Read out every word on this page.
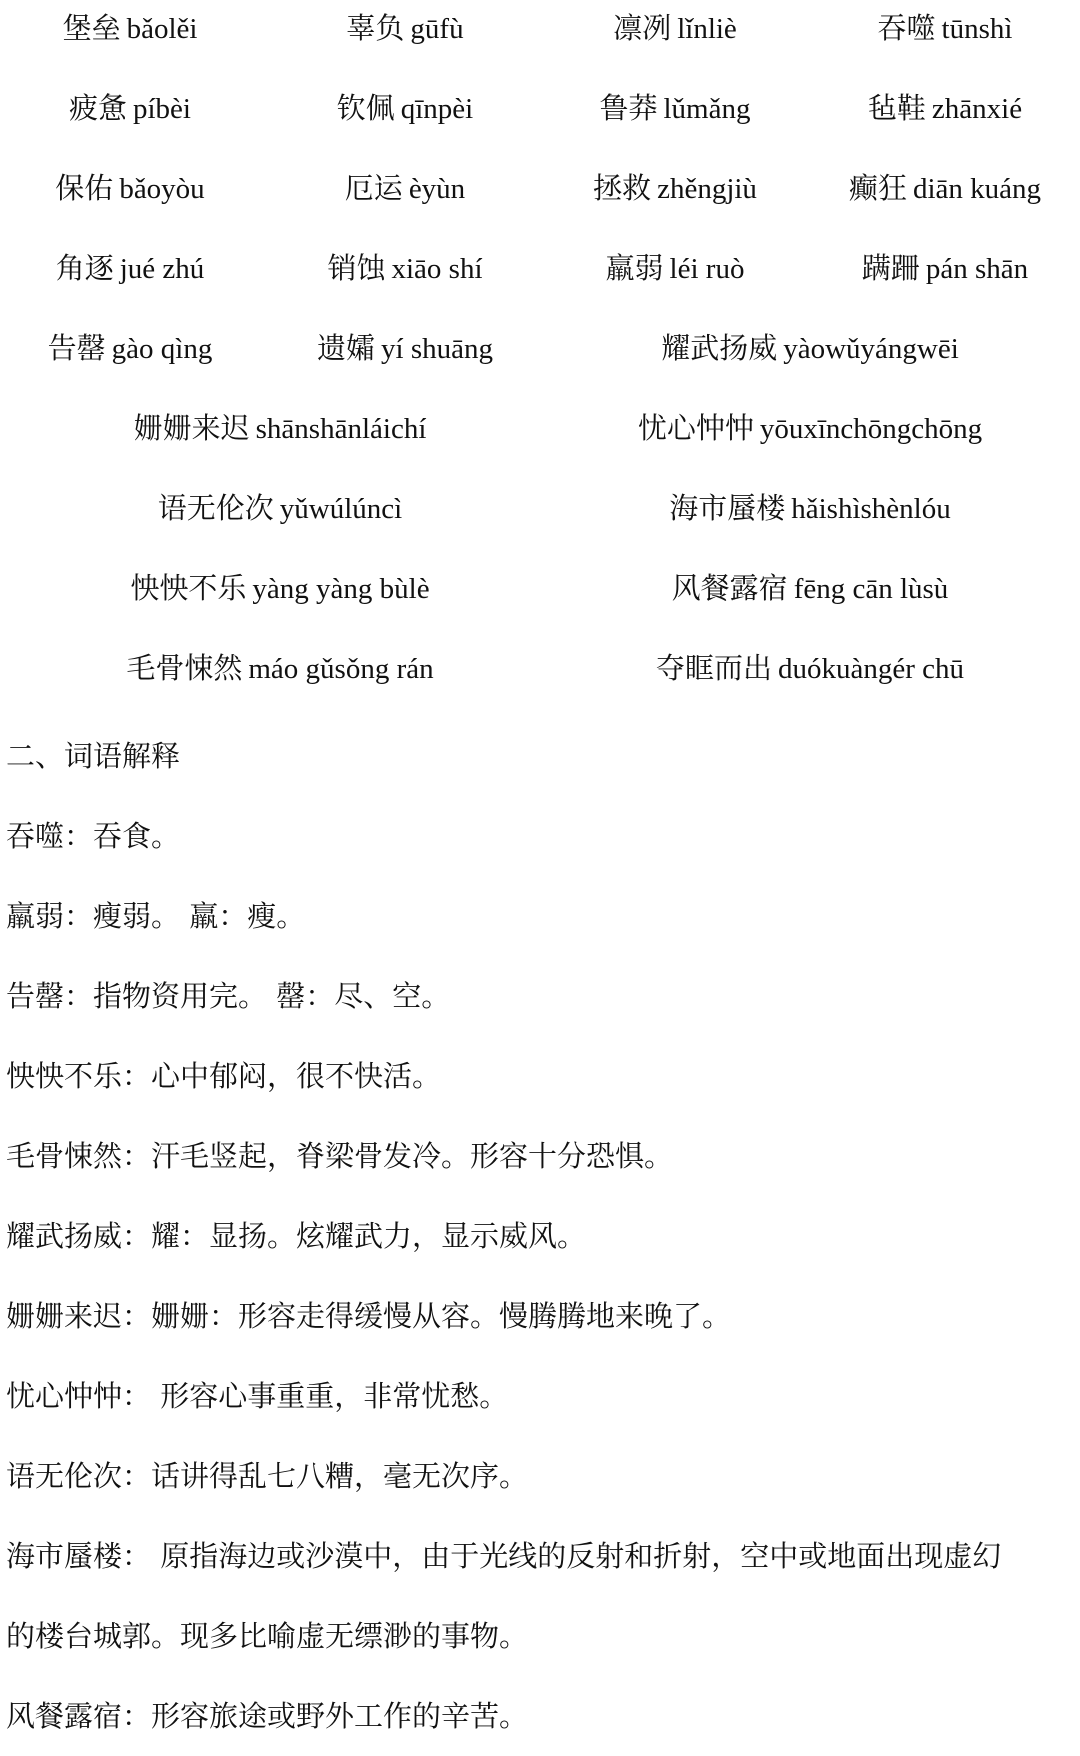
堡垒 bǎolěi	辜负 gūfù	凛冽 lǐnliè	吞噬 tūnshì
疲惫 píbèi	钦佩 qīnpèi	鲁莽 lǔmǎng	毡鞋 zhānxié
保佑 bǎoyòu	厄运 èyùn	拯救 zhěngjiù	癫狂 diān kuáng
角逐 jué zhú	销蚀 xiāo shí	羸弱 léi ruò	蹒跚 pán shān
告罄 gào qìng	遗孀 yí shuāng	耀武扬威 yàowǔyángwēi
姗姗来迟 shānshānláichí	忧心忡忡 yōuxīnchōngchōng
语无伦次 yǔwúlúncì	海市蜃楼 hǎishìshènlóu
怏怏不乐 yàng yàng bùlè	风餐露宿 fēng cān lùsù
毛骨悚然 máo gǔsǒng rán	夺眶而出 duókuàngér chū
二、词语解释
吞噬：吞食。
羸弱：瘦弱。 羸：瘦。
告罄：指物资用完。 罄：尽、空。
怏怏不乐：心中郁闷，很不快活。
毛骨悚然：汗毛竖起，脊梁骨发冷。形容十分恐惧。
耀武扬威：耀：显扬。炫耀武力，显示威风。
姗姗来迟：姗姗：形容走得缓慢从容。慢腾腾地来晚了。
忧心忡忡： 形容心事重重，非常忧愁。
语无伦次：话讲得乱七八糟，毫无次序。
海市蜃楼： 原指海边或沙漠中，由于光线的反射和折射，空中或地面出现虚幻
的楼台城郭。现多比喻虚无缥渺的事物。
风餐露宿：形容旅途或野外工作的辛苦。
